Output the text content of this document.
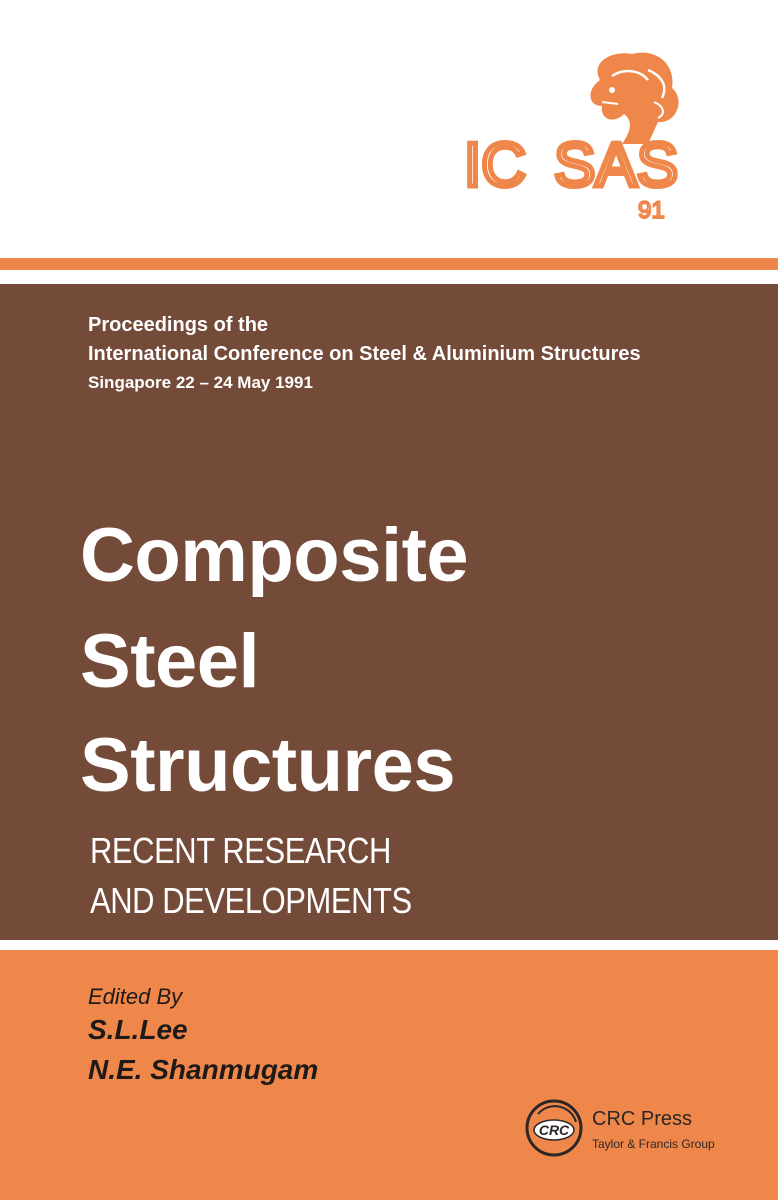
IC SAS
91
Proceedings of the
International Conference on Steel & Aluminium Structures
Singapore 22 – 24 May 1991
Composite
Steel
Structures
RECENT RESEARCH
AND DEVELOPMENTS
Edited By
S.L.Lee
N.E. Shanmugam
CRC CRC Press
Taylor & Francis Group
